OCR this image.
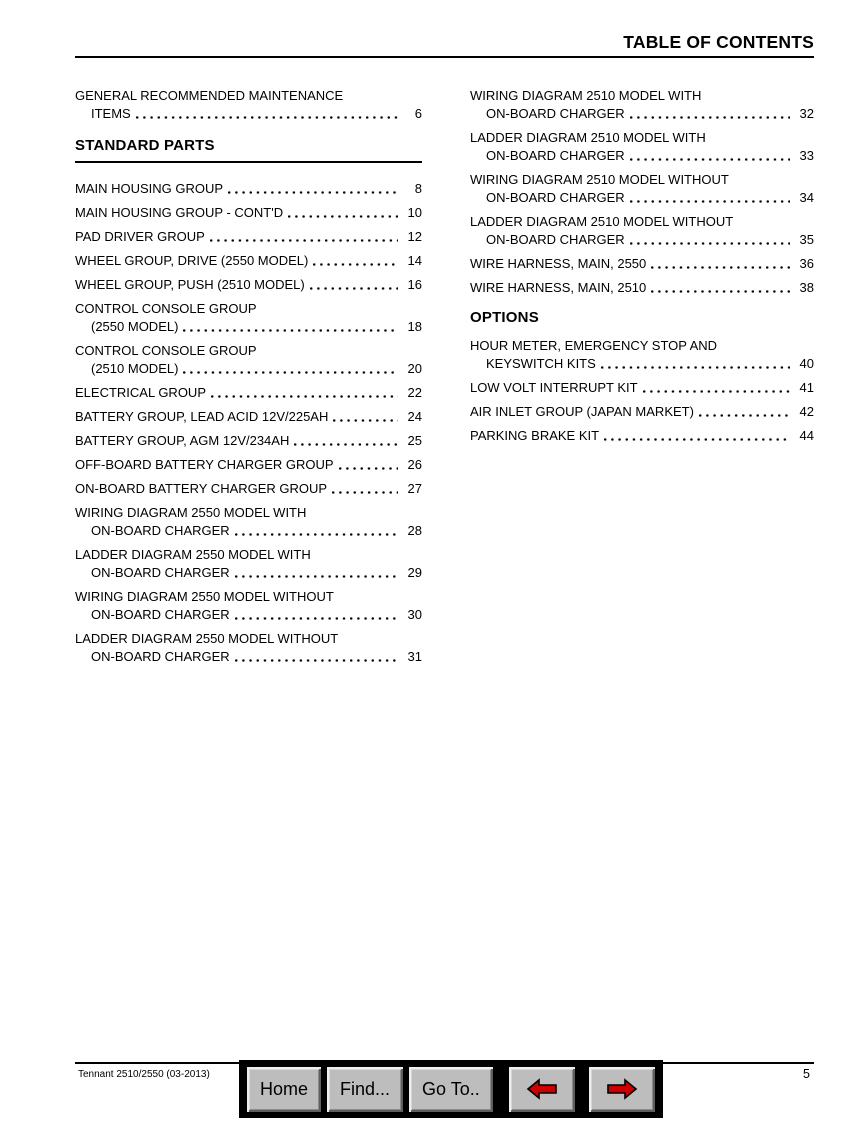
TABLE OF CONTENTS
GENERAL RECOMMENDED MAINTENANCE
ITEMS	6
STANDARD PARTS
MAIN HOUSING GROUP	8
MAIN HOUSING GROUP - CONT'D	10
PAD DRIVER GROUP	12
WHEEL GROUP, DRIVE (2550 MODEL)	14
WHEEL GROUP, PUSH (2510 MODEL)	16
CONTROL CONSOLE GROUP
(2550 MODEL)	18
CONTROL CONSOLE GROUP
(2510 MODEL)	20
ELECTRICAL GROUP	22
BATTERY GROUP, LEAD ACID 12V/225AH	24
BATTERY GROUP, AGM 12V/234AH	25
OFF-BOARD BATTERY CHARGER GROUP	26
ON-BOARD BATTERY CHARGER GROUP	27
WIRING DIAGRAM 2550 MODEL WITH
ON-BOARD CHARGER	28
LADDER DIAGRAM 2550 MODEL WITH
ON-BOARD CHARGER	29
WIRING DIAGRAM 2550 MODEL WITHOUT
ON-BOARD CHARGER	30
LADDER DIAGRAM 2550 MODEL WITHOUT
ON-BOARD CHARGER	31
WIRING DIAGRAM 2510 MODEL WITH
ON-BOARD CHARGER	32
LADDER DIAGRAM 2510 MODEL WITH
ON-BOARD CHARGER	33
WIRING DIAGRAM 2510 MODEL WITHOUT
ON-BOARD CHARGER	34
LADDER DIAGRAM 2510 MODEL WITHOUT
ON-BOARD CHARGER	35
WIRE HARNESS, MAIN, 2550	36
WIRE HARNESS, MAIN, 2510	38
OPTIONS
HOUR METER, EMERGENCY STOP AND
KEYSWITCH KITS	40
LOW VOLT INTERRUPT KIT	41
AIR INLET GROUP (JAPAN MARKET)	42
PARKING BRAKE KIT	44
Tennant 2510/2550 (03-2013)	5
Home	Find...	Go To..
